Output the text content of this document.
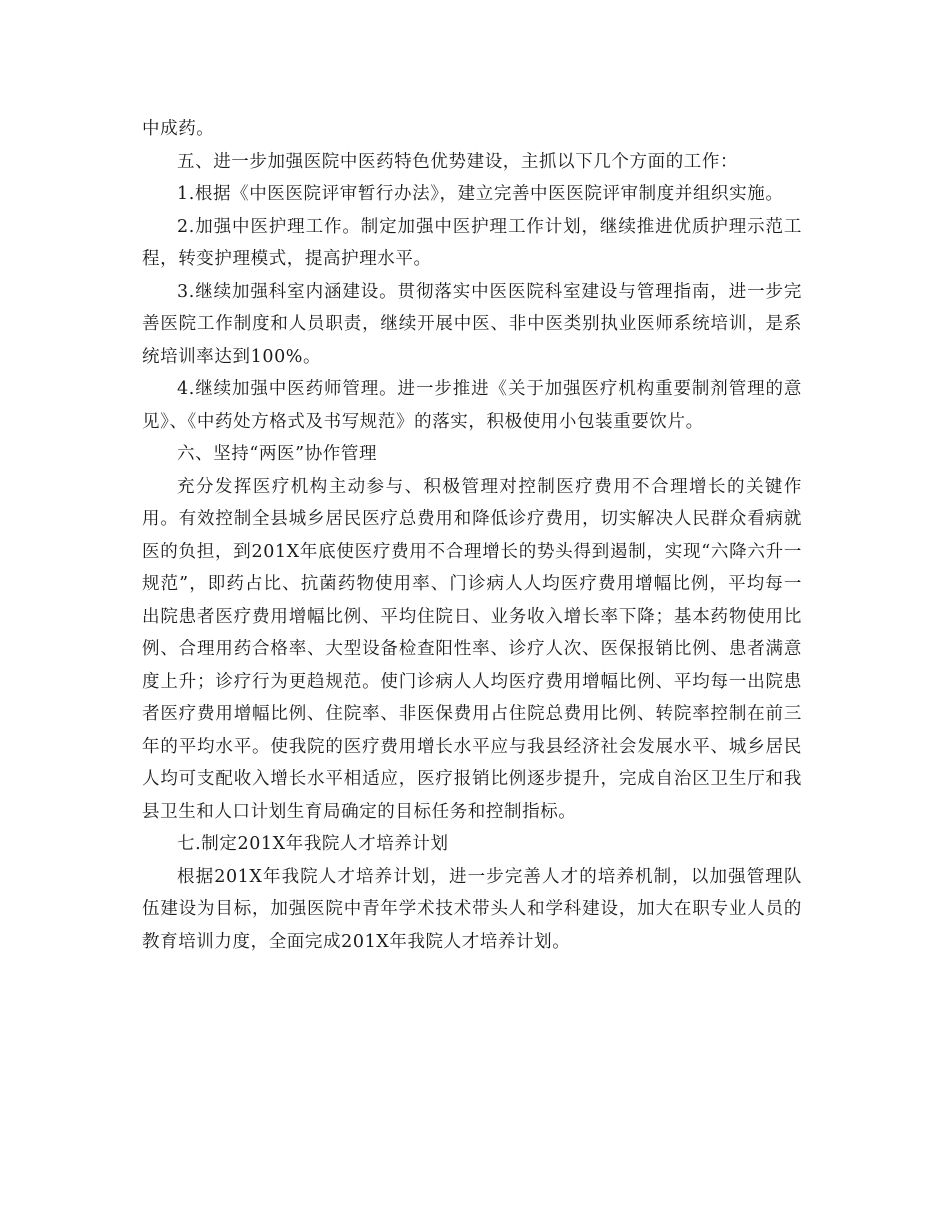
中成药。

五、进一步加强医院中医药特色优势建设，主抓以下几个方面的工作：

1.根据《中医医院评审暂行办法》，建立完善中医医院评审制度并组织实施。

2.加强中医护理工作。制定加强中医护理工作计划，继续推进优质护理示范工程，转变护理模式，提高护理水平。

3.继续加强科室内涵建设。贯彻落实中医医院科室建设与管理指南，进一步完善医院工作制度和人员职责，继续开展中医、非中医类别执业医师系统培训，是系统培训率达到100%。

4.继续加强中医药师管理。进一步推进《关于加强医疗机构重要制剂管理的意见》、《中药处方格式及书写规范》的落实，积极使用小包装重要饮片。

六、坚持“两医”协作管理

充分发挥医疗机构主动参与、积极管理对控制医疗费用不合理增长的关键作用。有效控制全县城乡居民医疗总费用和降低诊疗费用，切实解决人民群众看病就医的负担，到201X年底使医疗费用不合理增长的势头得到遏制，实现“六降六升一规范”，即药占比、抗菌药物使用率、门诊病人人均医疗费用增幅比例，平均每一出院患者医疗费用增幅比例、平均住院日、业务收入增长率下降；基本药物使用比例、合理用药合格率、大型设备检查阳性率、诊疗人次、医保报销比例、患者满意度上升；诊疗行为更趋规范。使门诊病人人均医疗费用增幅比例、平均每一出院患者医疗费用增幅比例、住院率、非医保费用占住院总费用比例、转院率控制在前三年的平均水平。使我院的医疗费用增长水平应与我县经济社会发展水平、城乡居民人均可支配收入增长水平相适应，医疗报销比例逐步提升，完成自治区卫生厅和我县卫生和人口计划生育局确定的目标任务和控制指标。

七.制定201X年我院人才培养计划

根据201X年我院人才培养计划，进一步完善人才的培养机制，以加强管理队伍建设为目标，加强医院中青年学术技术带头人和学科建设，加大在职专业人员的教育培训力度，全面完成201X年我院人才培养计划。
